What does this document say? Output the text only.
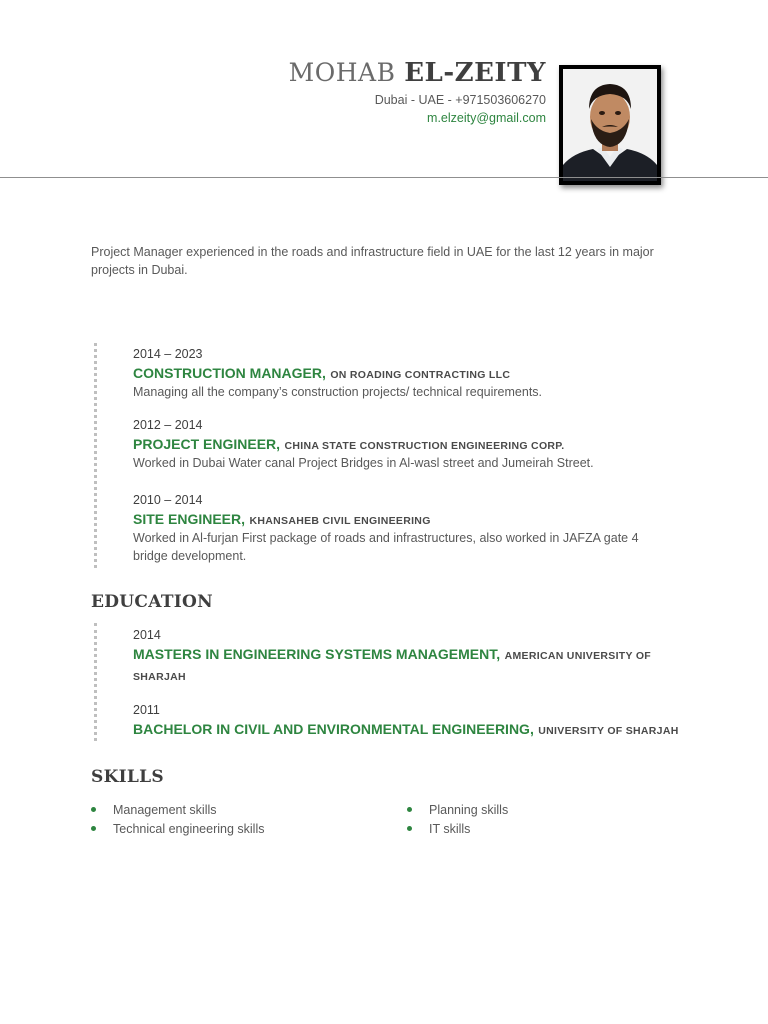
MOHAB EL-ZEITY
Dubai - UAE - +971503606270
m.elzeity@gmail.com
Project Manager experienced in the roads and infrastructure field in UAE for the last 12 years in major projects in Dubai.
2014 – 2023
CONSTRUCTION MANAGER, ON ROADING CONTRACTING LLC
Managing all the company’s construction projects/ technical requirements.
2012 – 2014
PROJECT ENGINEER, CHINA STATE CONSTRUCTION ENGINEERING CORP.
Worked in Dubai Water canal Project Bridges in Al-wasl street and Jumeirah Street.
2010 – 2014
SITE ENGINEER, KHANSAHEB CIVIL ENGINEERING
Worked in Al-furjan First package of roads and infrastructures, also worked in JAFZA gate 4 bridge development.
EDUCATION
2014
MASTERS IN ENGINEERING SYSTEMS MANAGEMENT, AMERICAN UNIVERSITY OF SHARJAH
2011
BACHELOR IN CIVIL AND ENVIRONMENTAL ENGINEERING, UNIVERSITY OF SHARJAH
SKILLS
Management skills
Technical engineering skills
Planning skills
IT skills
